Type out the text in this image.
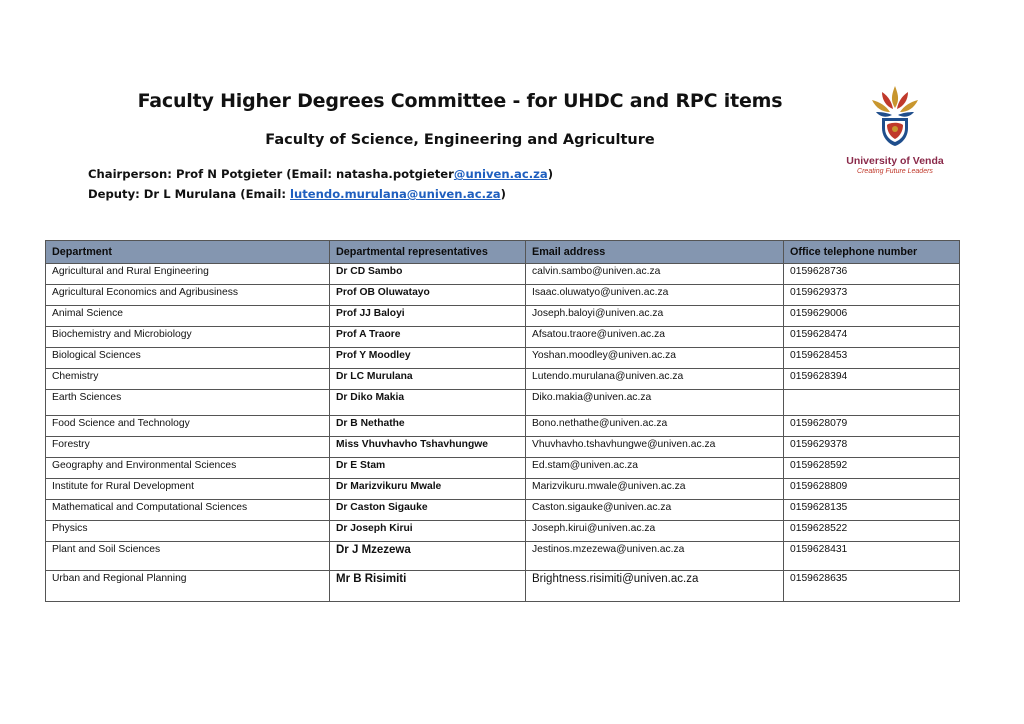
Faculty Higher Degrees Committee - for UHDC and RPC items
Faculty of Science, Engineering and Agriculture
Chairperson: Prof N Potgieter (Email: natasha.potgieter@univen.ac.za)
Deputy: Dr L Murulana (Email: lutendo.murulana@univen.ac.za)
University of Venda
Creating Future Leaders
Department	Departmental representatives	Email address	Office telephone number

Agricultural and Rural Engineering	Dr CD Sambo	calvin.sambo@univen.ac.za	0159628736

Agricultural Economics and Agribusiness	Prof OB Oluwatayo	Isaac.oluwatyo@univen.ac.za	0159629373

Animal Science	Prof JJ Baloyi	Joseph.baloyi@univen.ac.za	0159629006

Biochemistry and Microbiology	Prof A Traore	Afsatou.traore@univen.ac.za	0159628474

Biological Sciences	Prof Y Moodley	Yoshan.moodley@univen.ac.za	0159628453

Chemistry	Dr LC Murulana	Lutendo.murulana@univen.ac.za	0159628394

Earth Sciences	Dr Diko Makia	Diko.makia@univen.ac.za	

Food Science and Technology	Dr B Nethathe	Bono.nethathe@univen.ac.za	0159628079

Forestry	Miss Vhuvhavho Tshavhungwe	Vhuvhavho.tshavhungwe@univen.ac.za	0159629378

Geography and Environmental Sciences	Dr E Stam	Ed.stam@univen.ac.za	0159628592

Institute for Rural Development	Dr Marizvikuru Mwale	Marizvikuru.mwale@univen.ac.za	0159628809

Mathematical and Computational Sciences	Dr Caston Sigauke	Caston.sigauke@univen.ac.za	0159628135

Physics	Dr Joseph Kirui	Joseph.kirui@univen.ac.za	0159628522

Plant and Soil Sciences	Dr J Mzezewa	Jestinos.mzezewa@univen.ac.za	0159628431

Urban and Regional Planning	Mr B Risimiti	Brightness.risimiti@univen.ac.za	0159628635
